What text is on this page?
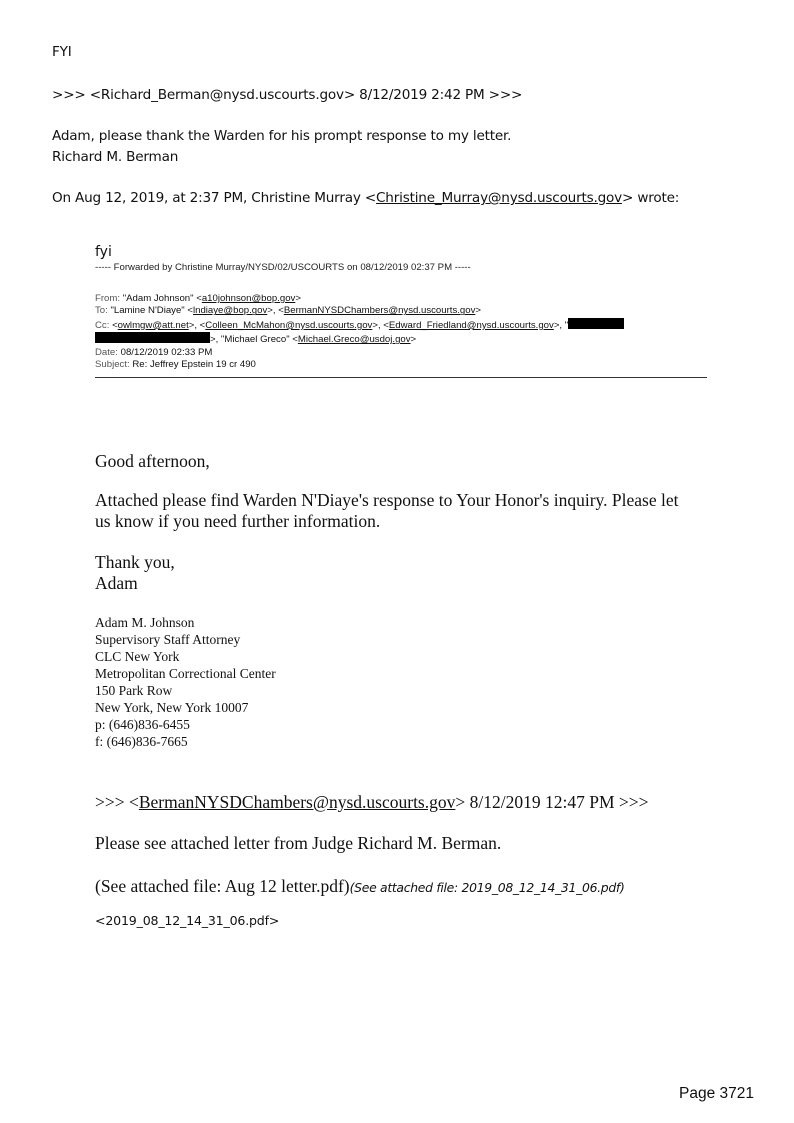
FYI
>>> <Richard_Berman@nysd.uscourts.gov> 8/12/2019 2:42 PM >>>
Adam, please thank the Warden for his prompt response to my letter.
Richard M. Berman
On Aug 12, 2019, at 2:37 PM, Christine Murray <Christine_Murray@nysd.uscourts.gov> wrote:
fyi
----- Forwarded by Christine Murray/NYSD/02/USCOURTS on 08/12/2019 02:37 PM -----
From: "Adam Johnson" <a10johnson@bop.gov>
To: "Lamine N'Diaye" <lndiaye@bop.gov>, <BermanNYSDChambers@nysd.uscourts.gov>
Cc: <owlmgw@att.net>, <Colleen_McMahon@nysd.uscourts.gov>, <Edward_Friedland@nysd.uscourts.gov>, "
>, "Michael Greco" <Michael.Greco@usdoj.gov>
Date: 08/12/2019 02:33 PM
Subject: Re: Jeffrey Epstein 19 cr 490
Good afternoon,
Attached please find Warden N'Diaye's response to Your Honor's inquiry. Please let
us know if you need further information.
Thank you,
Adam
Adam M. Johnson
Supervisory Staff Attorney
CLC New York
Metropolitan Correctional Center
150 Park Row
New York, New York 10007
p: (646)836-6455
f: (646)836-7665
>>> <BermanNYSDChambers@nysd.uscourts.gov> 8/12/2019 12:47 PM >>>
Please see attached letter from Judge Richard M. Berman.
(See attached file: Aug 12 letter.pdf)(See attached file: 2019_08_12_14_31_06.pdf)
<2019_08_12_14_31_06.pdf>
Page 3721
